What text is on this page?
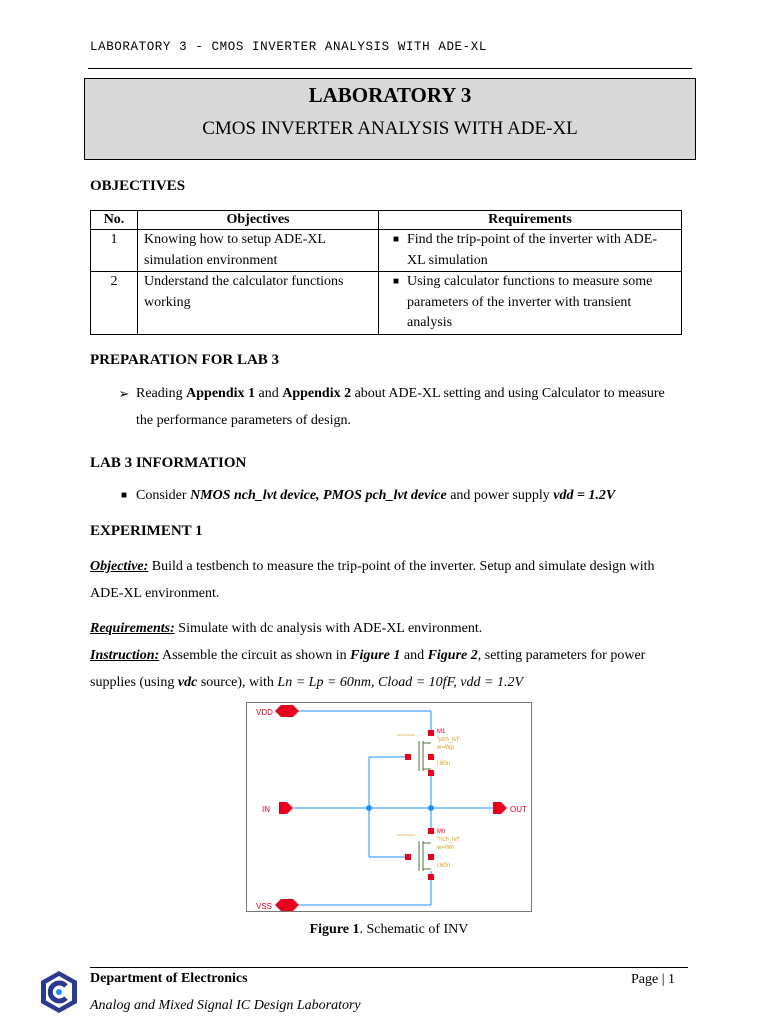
LABORATORY 3 - CMOS INVERTER ANALYSIS WITH ADE-XL
LABORATORY 3
CMOS INVERTER ANALYSIS WITH ADE-XL
OBJECTIVES
No.	Objectives	Requirements
1	Knowing how to setup ADE-XL simulation environment	■ Find the trip-point of the inverter with ADE-XL simulation

2	Understand the calculator functions working	■ Using calculator functions to measure some parameters of the inverter with transient analysis
PREPARATION FOR LAB 3
➢ Reading Appendix 1 and Appendix 2 about ADE-XL setting and using Calculator to measure
the performance parameters of design.
LAB 3 INFORMATION
■ Consider NMOS nch_lvt device, PMOS pch_lvt device and power supply vdd = 1.2V
EXPERIMENT 1
Objective: Build a testbench to measure the trip-point of the inverter. Setup and simulate design with
ADE-XL environment.
Requirements: Simulate with dc analysis with ADE-XL environment.
Instruction: Assemble the circuit as shown in Figure 1 and Figure 2, setting parameters for power
supplies (using vdc source), with Ln = Lp = 60nm, Cload = 10fF, vdd = 1.2V
VDD
VSS
IN	OUT
M1
"pch_lvt"
w=Wp
l:60n
M0
"nch_lvt"
w=Wn
l:60n
Figure 1. Schematic of INV
Department of Electronics
Analog and Mixed Signal IC Design Laboratory
Page | 1
